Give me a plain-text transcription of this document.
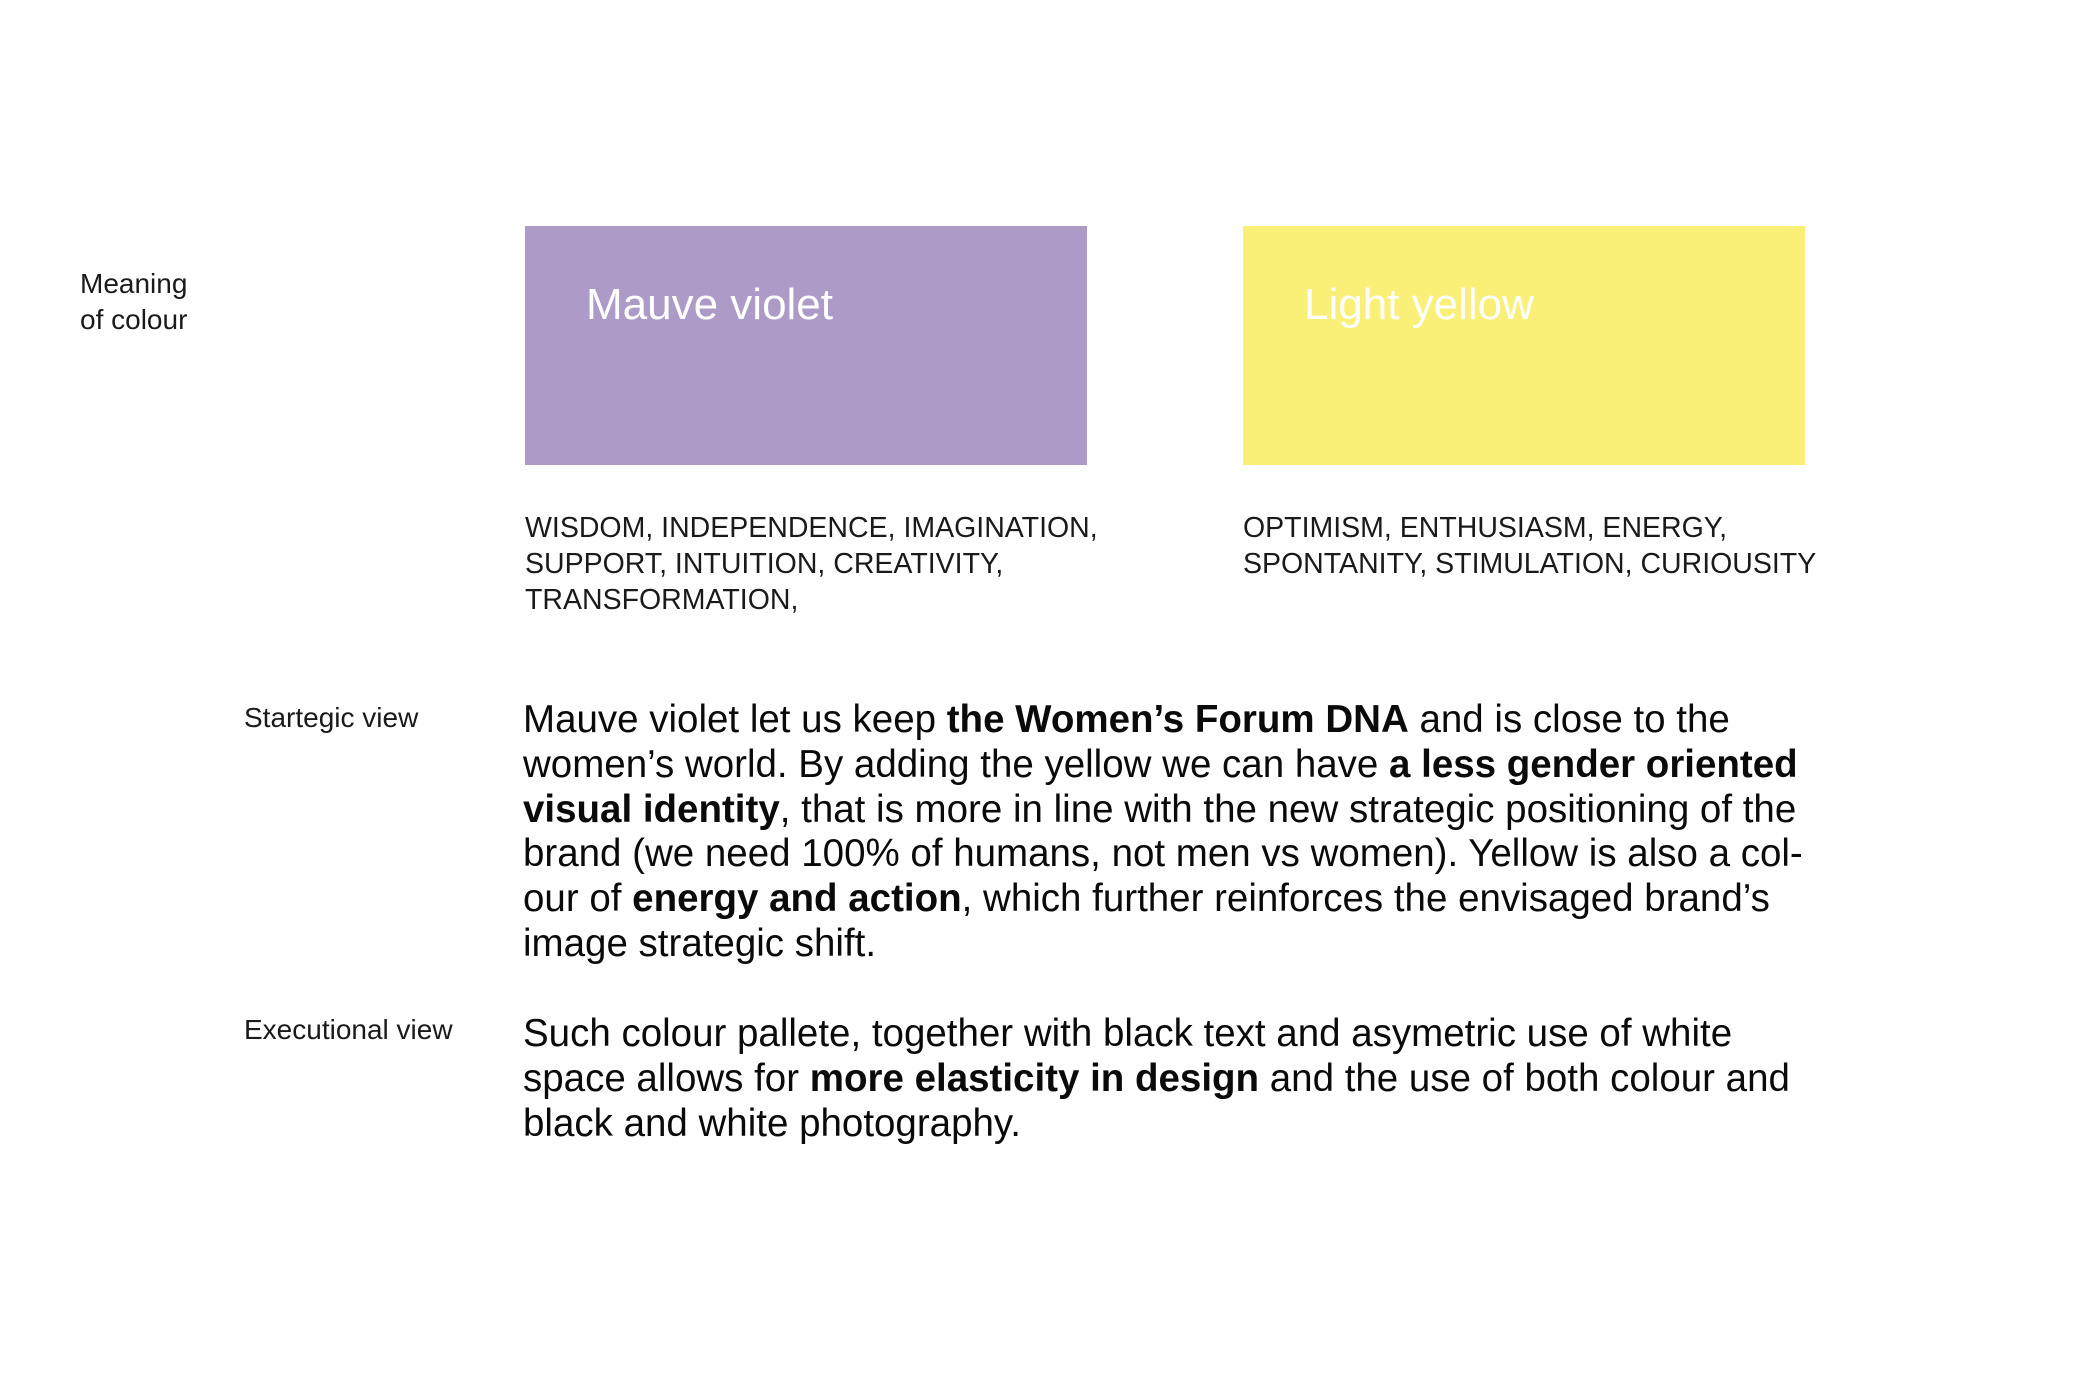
Meaning
of colour
Startegic view
Executional view
Mauve violet	Light yellow
WISDOM, INDEPENDENCE, IMAGINATION,
SUPPORT, INTUITION, CREATIVITY,
TRANSFORMATION,
OPTIMISM, ENTHUSIASM, ENERGY,
SPONTANITY, STIMULATION, CURIOUSITY
Mauve violet let us keep the Women’s Forum DNA and is close to the
women’s world. By adding the yellow we can have a less gender oriented
visual identity, that is more in line with the new strategic positioning of the
brand (we need 100% of humans, not men vs women). Yellow is also a col-
our of energy and action, which further reinforces the envisaged brand’s
image strategic shift.
Such colour pallete, together with black text and asymetric use of white
space allows for more elasticity in design and the use of both colour and
black and white photography.
